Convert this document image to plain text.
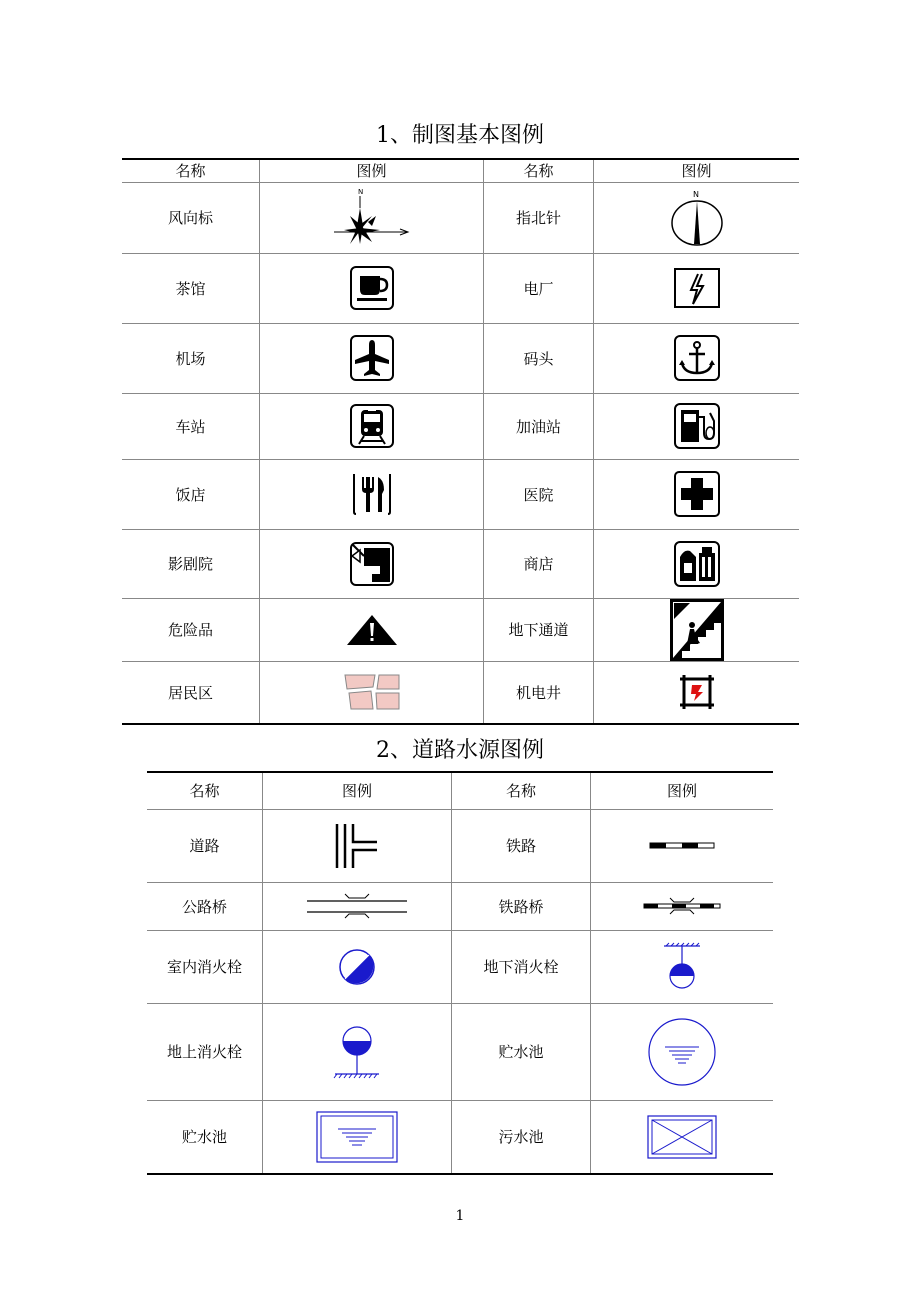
1、制图基本图例
名称	图例	名称	图例
风向标	N	指北针	N

茶馆		电厂	

机场		码头	

车站		加油站	

饭店		医院	

影剧院		商店	

危险品		地下通道	

居民区		机电井	
2、道路水源图例
名称	图例	名称	图例
道路		铁路	

公路桥		铁路桥	

室内消火栓		地下消火栓	

地上消火栓		贮水池	

贮水池		污水池	
1
